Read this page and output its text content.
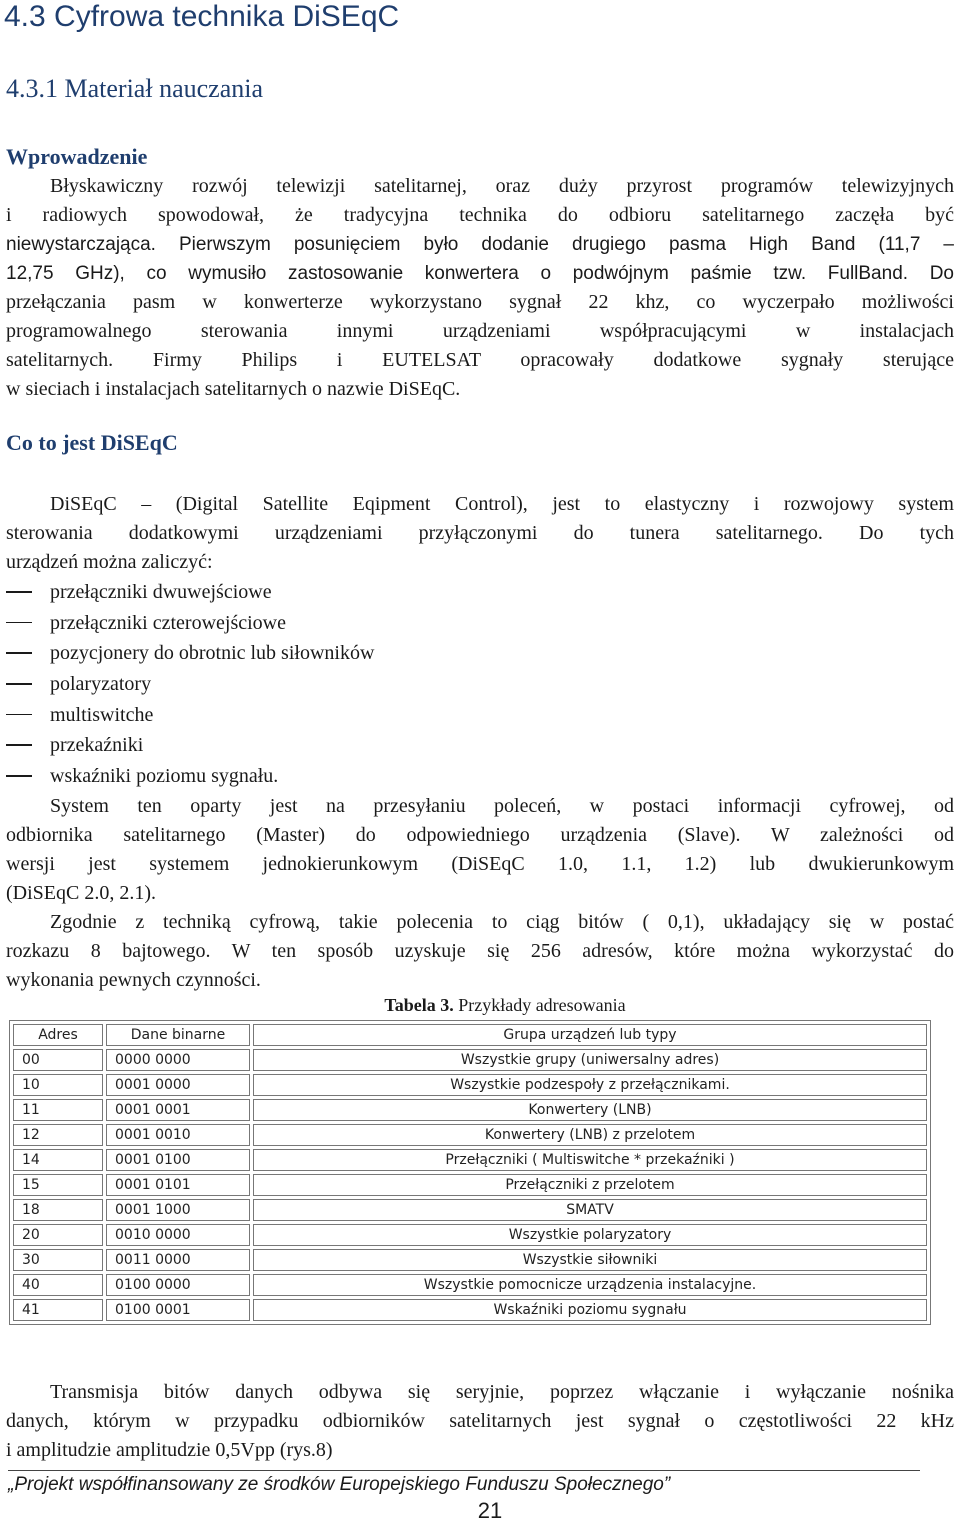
4.3 Cyfrowa technika DiSEqC
4.3.1 Materiał nauczania
Wprowadzenie
Błyskawiczny rozwój telewizji satelitarnej, oraz duży przyrost programów telewizyjnych
i radiowych spowodował, że tradycyjna technika do odbioru satelitarnego zaczęła być
niewystarczająca. Pierwszym posunięciem było dodanie drugiego pasma High Band (11,7 –
12,75 GHz), co wymusiło zastosowanie konwertera o podwójnym paśmie tzw. FullBand. Do
przełączania pasm w konwerterze wykorzystano sygnał 22 khz, co wyczerpało możliwości
programowalnego sterowania innymi urządzeniami współpracującymi w instalacjach
satelitarnych. Firmy Philips i EUTELSAT opracowały dodatkowe sygnały sterujące
w sieciach i instalacjach satelitarnych o nazwie DiSEqC.
Co to jest DiSEqC
DiSEqC – (Digital Satellite Eqipment Control), jest to elastyczny i rozwojowy system
sterowania dodatkowymi urządzeniami przyłączonymi do tunera satelitarnego. Do tych
urządzeń można zaliczyć:
przełączniki dwuwejściowe
przełączniki czterowejściowe
pozycjonery do obrotnic lub siłowników
polaryzatory
multiswitche
przekaźniki
wskaźniki poziomu sygnału.
System ten oparty jest na przesyłaniu poleceń, w postaci informacji cyfrowej, od
odbiornika satelitarnego (Master) do odpowiedniego urządzenia (Slave). W zależności od
wersji jest systemem jednokierunkowym (DiSEqC 1.0, 1.1, 1.2) lub dwukierunkowym
(DiSEqC 2.0, 2.1).
Zgodnie z techniką cyfrową, takie polecenia to ciąg bitów ( 0,1), układający się w postać
rozkazu 8 bajtowego. W ten sposób uzyskuje się 256 adresów, które można wykorzystać do
wykonania pewnych czynności.
Tabela 3. Przykłady adresowania
Adres	Dane binarne	Grupa urządzeń lub typy
00	0000 0000	Wszystkie grupy (uniwersalny adres)
10	0001 0000	Wszystkie podzespoły z przełącznikami.
11	0001 0001	Konwertery (LNB)
12	0001 0010	Konwertery (LNB) z przelotem
14	0001 0100	Przełączniki ( Multiswitche * przekaźniki )
15	0001 0101	Przełączniki z przelotem
18	0001 1000	SMATV
20	0010 0000	Wszystkie polaryzatory
30	0011 0000	Wszystkie siłowniki
40	0100 0000	Wszystkie pomocnicze urządzenia instalacyjne.
41	0100 0001	Wskaźniki poziomu sygnału
Transmisja bitów danych odbywa się seryjnie, poprzez włączanie i wyłączanie nośnika
danych, którym w przypadku odbiorników satelitarnych jest sygnał o częstotliwości 22 kHz
i amplitudzie amplitudzie 0,5Vpp (rys.8)
„Projekt współfinansowany ze środków Europejskiego Funduszu Społecznego”
21
